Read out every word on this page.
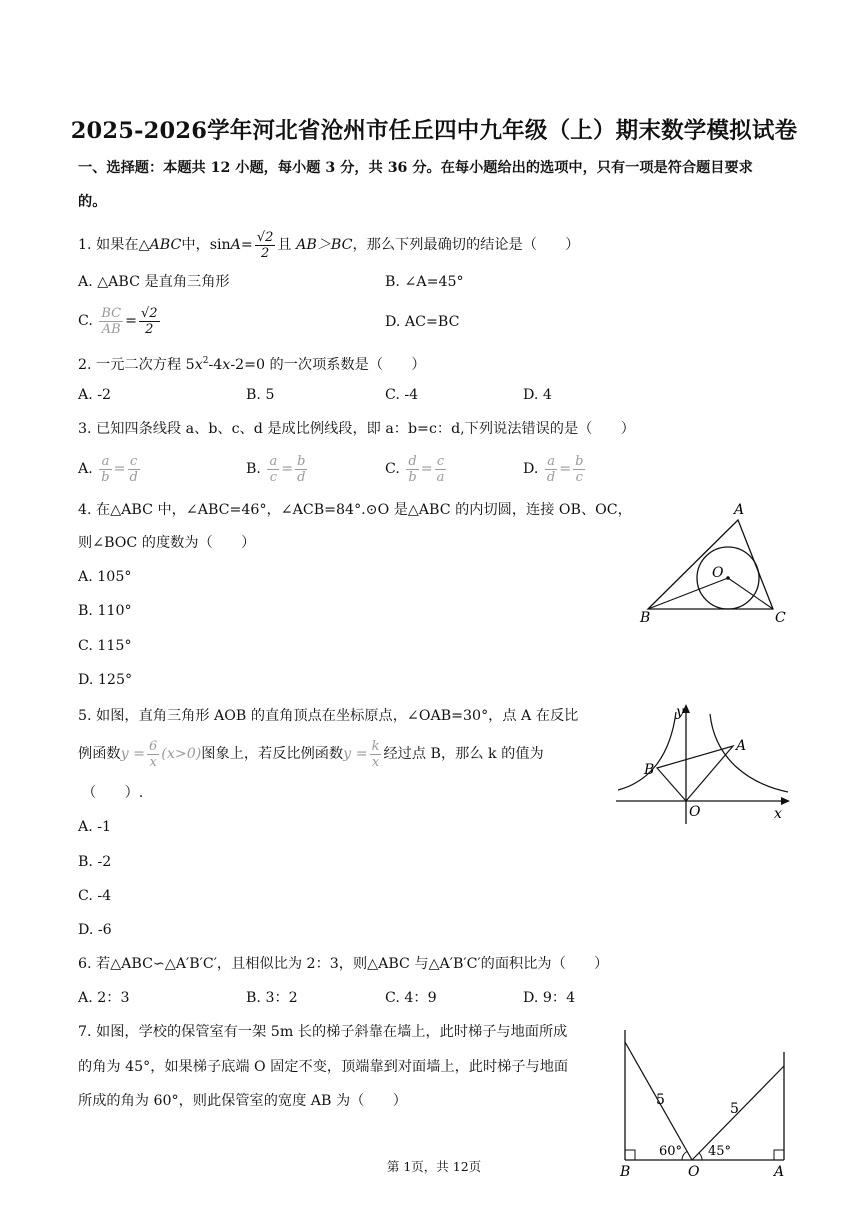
2025-2026学年河北省沧州市任丘四中九年级（上）期末数学模拟试卷
一、选择题：本题共 12 小题，每小题 3 分，共 36 分。在每小题给出的选项中，只有一项是符合题目要求
的。
1. 如果在△ABC中，$\sin A= \frac{√2}{2}$ 且 AB＞BC，那么下列最确切的结论是（　　）
A. △ABC 是直角三角形	B. ∠A=45°
C. $\frac{BC}{AB} = \frac{√2}{2}$	D. AC=BC
2. 一元二次方程 $5x^2-4x-2=0$ 的一次项系数是（　　）
A. -2	B. 5	C. -4	D. 4
3. 已知四条线段 a、b、c、d 是成比例线段，即 a：b=c：d,下列说法错误的是（　　）
A. $\frac{a}{b} = \frac{c}{d}$	B. $\frac{a}{c} = \frac{b}{d}$	C. $\frac{d}{b} = \frac{c}{a}$	D. $\frac{a}{d} = \frac{b}{c}$
4. 在△ABC 中，∠ABC=46°，∠ACB=84°.⊙O 是△ABC 的内切圆，连接 OB、OC，
则∠BOC 的度数为（　　）
A. 105°
B. 110°
C. 115°
D. 125°
A
B	C
O
5. 如图，直角三角形 AOB 的直角顶点在坐标原点，∠OAB=30°，点 A 在反比
例函数$y = \frac{6}{x} (x>0)$图象上，若反比例函数$y = \frac{k}{x}$ 经过点 B，那么 k 的值为
（　　）.
A. -1
B. -2
C. -4
D. -6
y
x
A
B
O
6. 若△ABC∽△A′B′C′，且相似比为 2：3，则△ABC 与△A′B′C′的面积比为（　　）
A. 2：3	B. 3：2	C. 4：9	D. 9：4
7. 如图，学校的保管室有一架 5m 长的梯子斜靠在墙上，此时梯子与地面所成
的角为 45°，如果梯子底端 O 固定不变，顶端靠到对面墙上，此时梯子与地面
所成的角为 60°，则此保管室的宽度 AB 为（　　）	5
5
60° 45°
B	O	A
第 1页，共 12页
